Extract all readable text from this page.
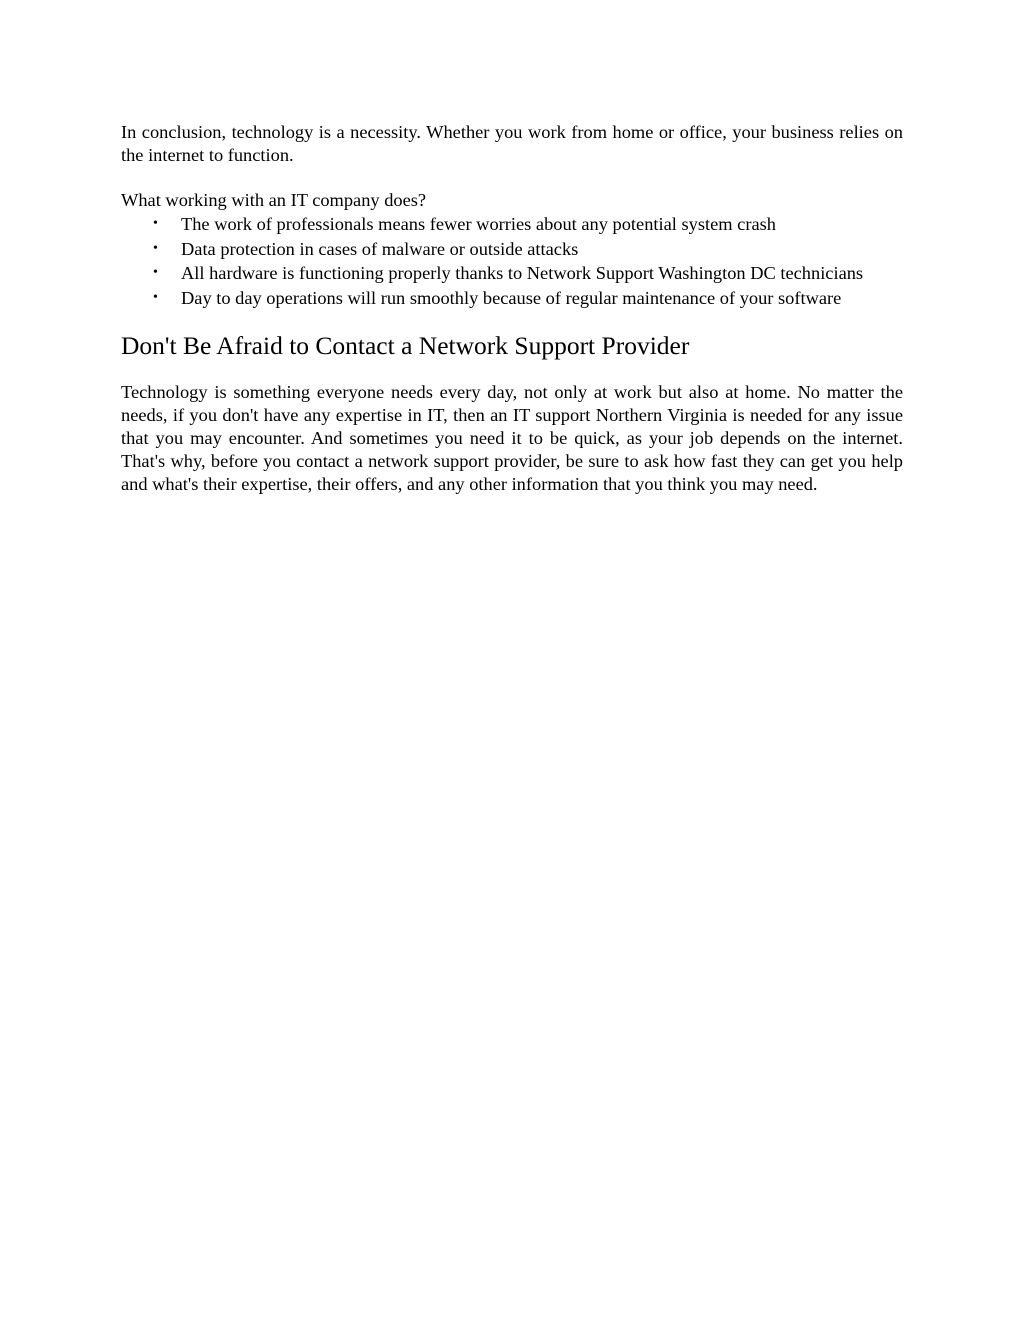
In conclusion, technology is a necessity. Whether you work from home or office, your business relies on the internet to function.

What working with an IT company does?

• The work of professionals means fewer worries about any potential system crash
• Data protection in cases of malware or outside attacks
• All hardware is functioning properly thanks to Network Support Washington DC technicians
• Day to day operations will run smoothly because of regular maintenance of your software
Don't Be Afraid to Contact a Network Support Provider

Technology is something everyone needs every day, not only at work but also at home. No matter the needs, if you don't have any expertise in IT, then an IT support Northern Virginia is needed for any issue that you may encounter. And sometimes you need it to be quick, as your job depends on the internet. That's why, before you contact a network support provider, be sure to ask how fast they can get you help and what's their expertise, their offers, and any other information that you think you may need.
